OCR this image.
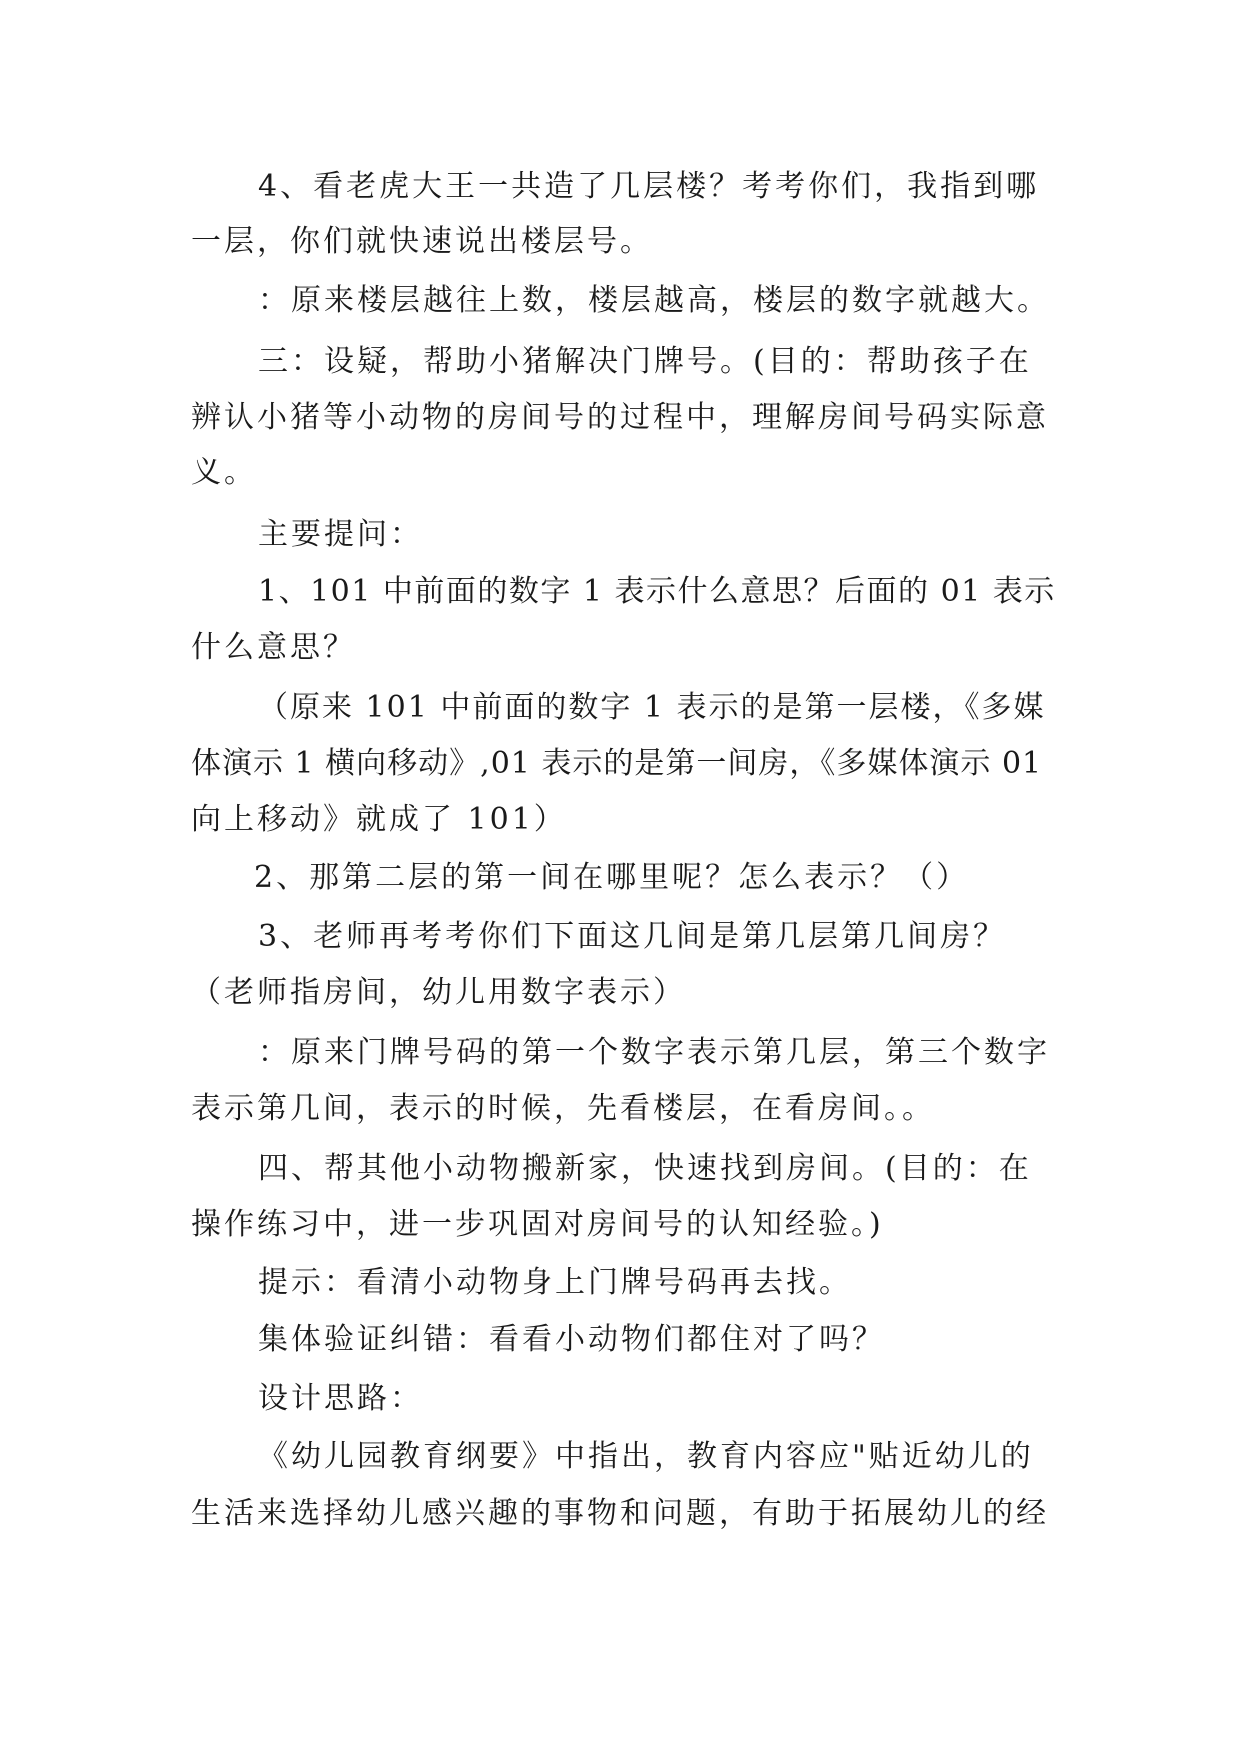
4、看老虎大王一共造了几层楼？考考你们，我指到哪
一层，你们就快速说出楼层号。
：原来楼层越往上数，楼层越高，楼层的数字就越大。
三：设疑，帮助小猪解决门牌号。(目的：帮助孩子在
辨认小猪等小动物的房间号的过程中，理解房间号码实际意
义。
主要提问：
1、101 中前面的数字 1 表示什么意思？后面的 01 表示
什么意思？
（原来 101 中前面的数字 1 表示的是第一层楼，《多媒
体演示 1 横向移动》,01 表示的是第一间房，《多媒体演示 01
向上移动》就成了 101）
2、那第二层的第一间在哪里呢？怎么表示？（）
3、老师再考考你们下面这几间是第几层第几间房？
（老师指房间，幼儿用数字表示）
：原来门牌号码的第一个数字表示第几层，第三个数字
表示第几间，表示的时候，先看楼层，在看房间。。
四、帮其他小动物搬新家，快速找到房间。(目的：在
操作练习中，进一步巩固对房间号的认知经验。)
提示：看清小动物身上门牌号码再去找。
集体验证纠错：看看小动物们都住对了吗？
设计思路：
《幼儿园教育纲要》中指出，教育内容应"贴近幼儿的
生活来选择幼儿感兴趣的事物和问题，有助于拓展幼儿的经
